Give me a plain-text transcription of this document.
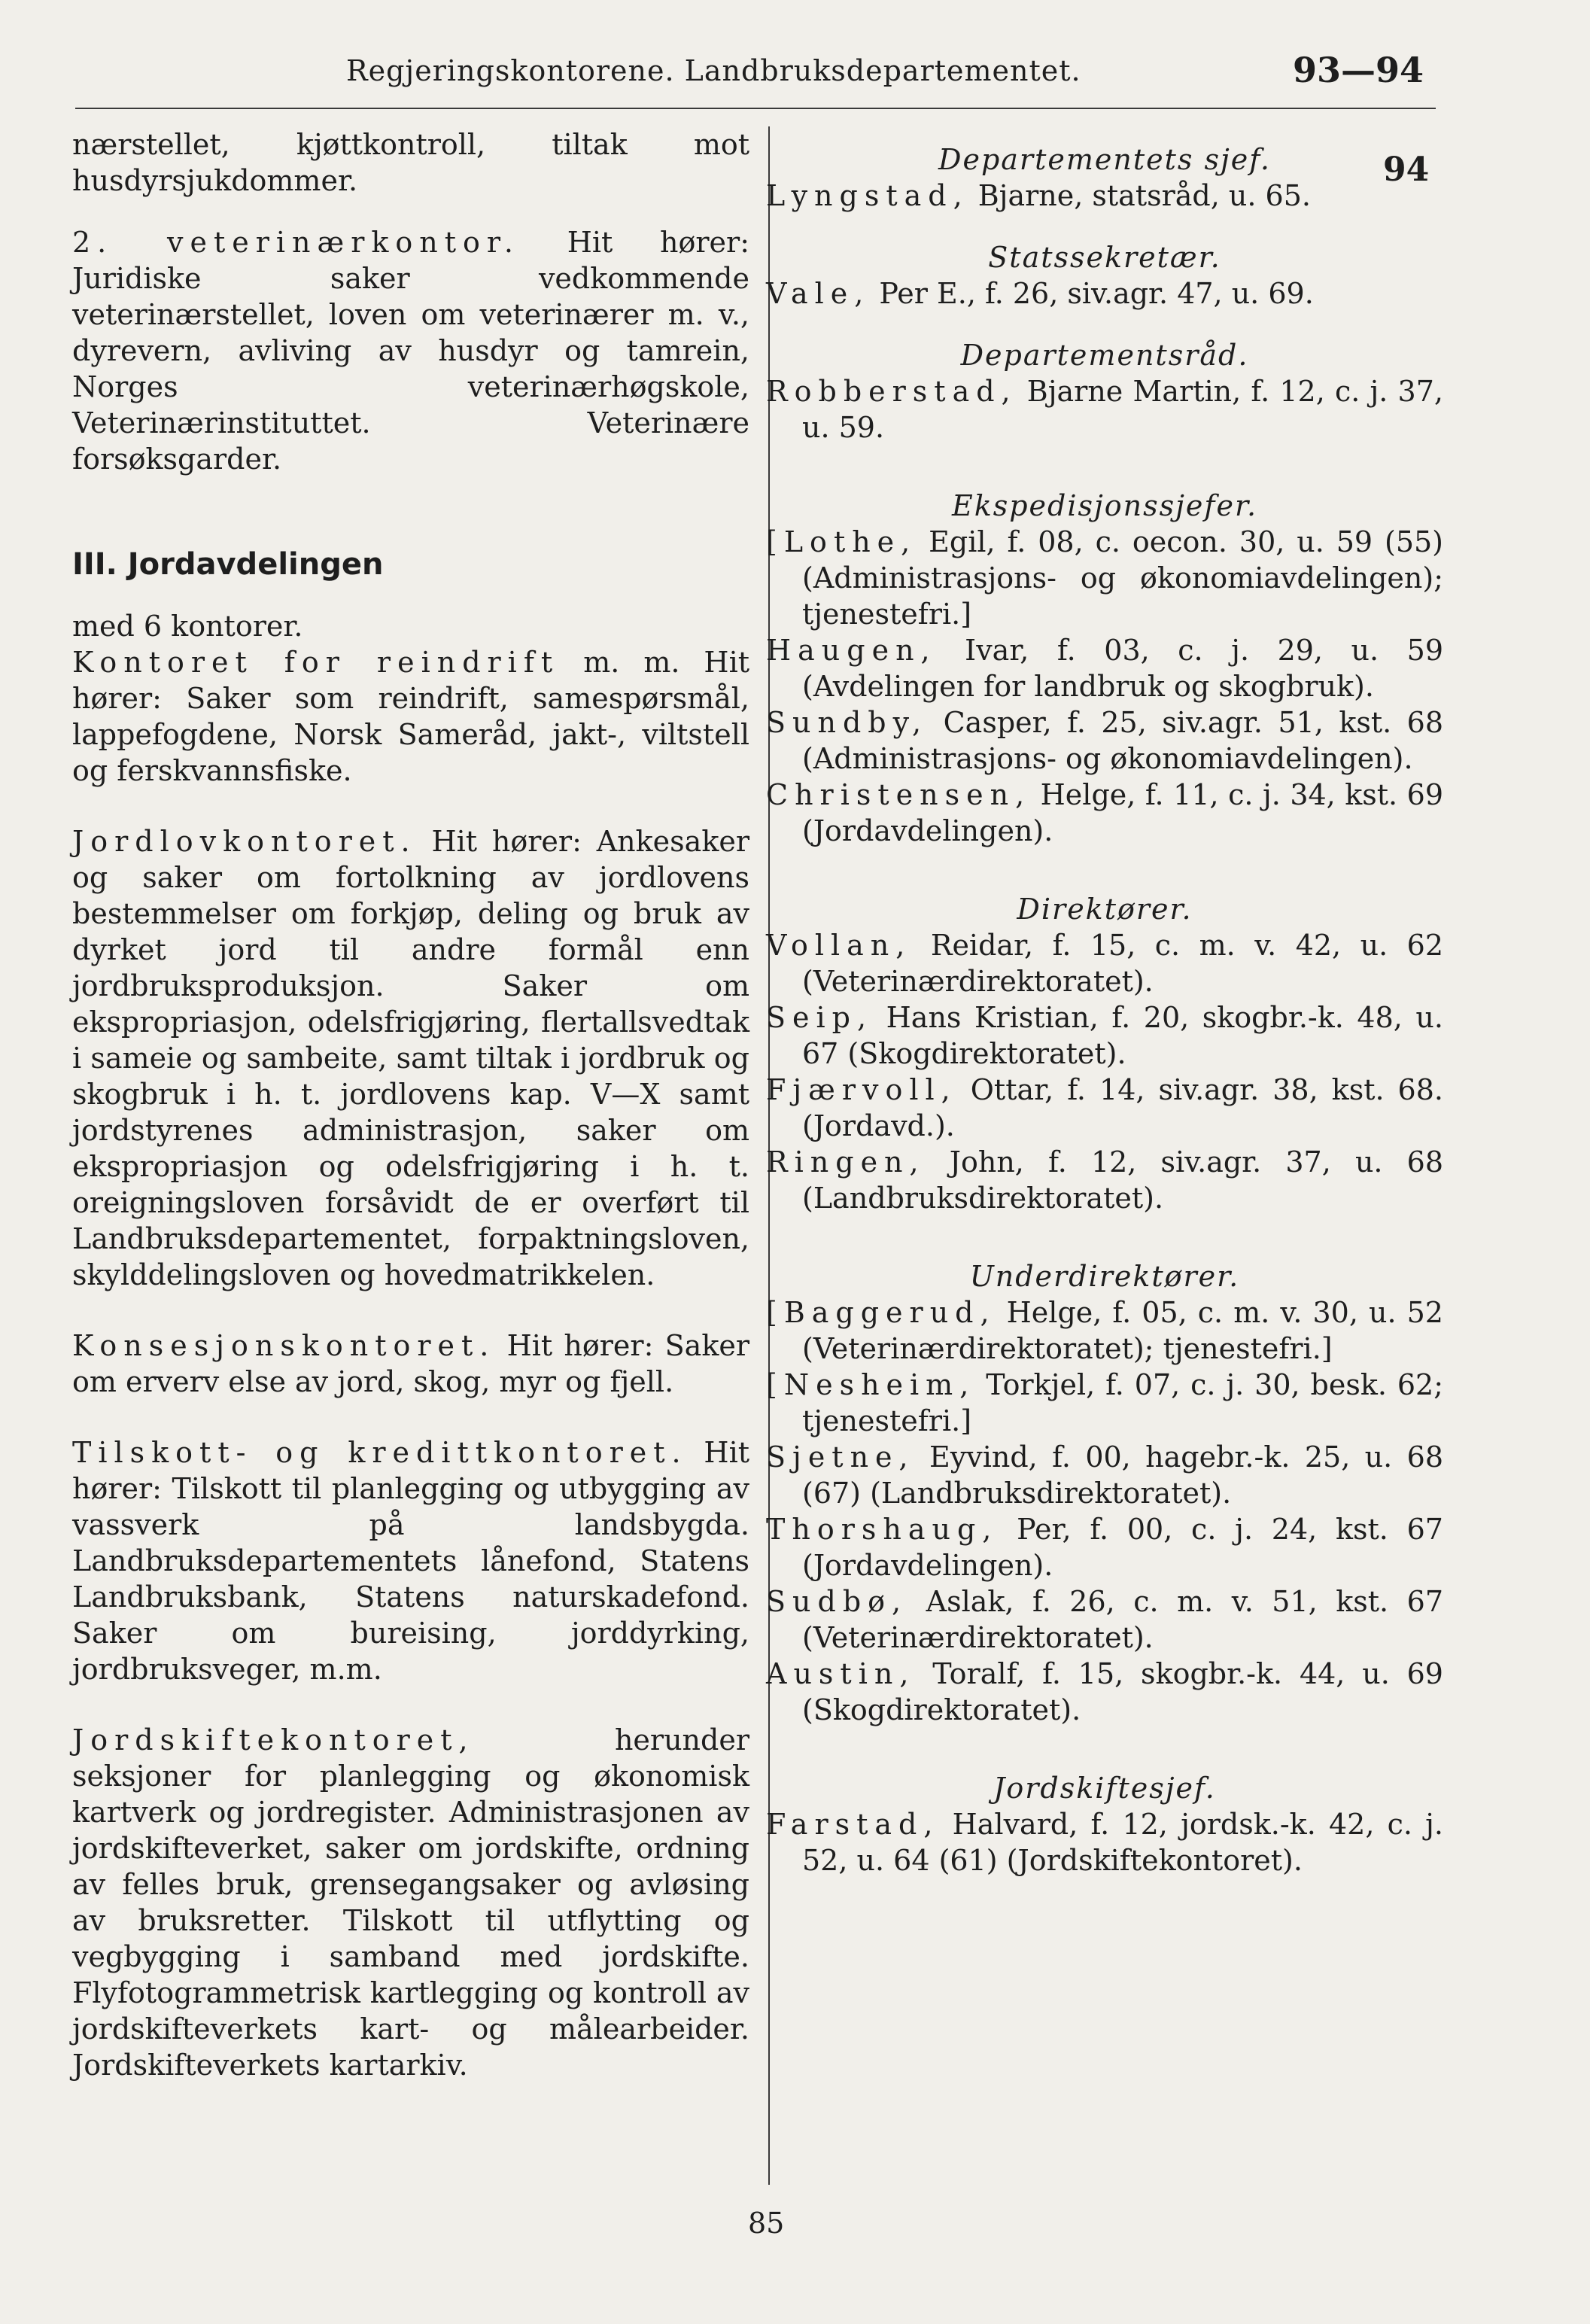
Regjeringskontorene. Landbruksdepartementet.	93—94
94

nærstellet, kjøttkontroll, tiltak mot husdyrsjukdommer.

2. veterinærkontor. Hit hører: Juridiske saker vedkommende veterinærstellet, loven om veterinærer m. v., dyrevern, avliving av husdyr og tamrein, Norges veterinærhøgskole, Veterinærinstituttet. Veterinære forsøksgarder.

III. Jordavdelingen

med 6 kontorer.

Kontoret for reindrift m. m. Hit hører: Saker som reindrift, samespørsmål, lappefogdene, Norsk Sameråd, jakt-, viltstell og ferskvannsfiske.

Jordlovkontoret. Hit hører: Ankesaker og saker om fortolkning av jordlovens bestemmelser om forkjøp, deling og bruk av dyrket jord til andre formål enn jordbruksproduksjon. Saker om ekspropriasjon, odelsfrigjøring, flertallsvedtak i sameie og sambeite, samt tiltak i jordbruk og skogbruk i h. t. jordlovens kap. V—X samt jordstyrenes administrasjon, saker om ekspropriasjon og odelsfrigjøring i h. t. oreigningsloven forsåvidt de er overført til Landbruksdepartementet, forpaktningsloven, skylddelingsloven og hovedmatrikkelen.

Konsesjonskontoret. Hit hører: Saker om erverv else av jord, skog, myr og fjell.

Tilskott- og kredittkontoret. Hit hører: Tilskott til planlegging og utbygging av vassverk på landsbygda. Landbruksdepartementets lånefond, Statens Landbruksbank, Statens naturskadefond. Saker om bureising, jorddyrking, jordbruksveger, m.m.

Jordskiftekontoret, herunder seksjoner for planlegging og økonomisk kartverk og jordregister. Administrasjonen av jordskifteverket, saker om jordskifte, ordning av felles bruk, grensegangsaker og avløsing av bruksretter. Tilskott til utflytting og vegbygging i samband med jordskifte. Flyfotogrammetrisk kartlegging og kontroll av jordskifteverkets kart- og målearbeider. Jordskifteverkets kartarkiv.

Departementets sjef.

Lyngstad, Bjarne, statsråd, u. 65.

Statssekretær.

Vale, Per E., f. 26, siv.agr. 47, u. 69.

Departementsråd.

Robberstad, Bjarne Martin, f. 12, c. j. 37, u. 59.

Ekspedisjonssjefer.

[Lothe, Egil, f. 08, c. oecon. 30, u. 59 (55) (Administrasjons- og økonomiavdelingen); tjenestefri.]

Haugen, Ivar, f. 03, c. j. 29, u. 59 (Avdelingen for landbruk og skogbruk).

Sundby, Casper, f. 25, siv.agr. 51, kst. 68 (Administrasjons- og økonomiavdelingen).

Christensen, Helge, f. 11, c. j. 34, kst. 69 (Jordavdelingen).

Direktører.

Vollan, Reidar, f. 15, c. m. v. 42, u. 62 (Veterinærdirektoratet).

Seip, Hans Kristian, f. 20, skogbr.-k. 48, u. 67 (Skogdirektoratet).

Fjærvoll, Ottar, f. 14, siv.agr. 38, kst. 68. (Jordavd.).

Ringen, John, f. 12, siv.agr. 37, u. 68 (Landbruksdirektoratet).

Underdirektører.

[Baggerud, Helge, f. 05, c. m. v. 30, u. 52 (Veterinærdirektoratet); tjenestefri.]

[Nesheim, Torkjel, f. 07, c. j. 30, besk. 62; tjenestefri.]

Sjetne, Eyvind, f. 00, hagebr.-k. 25, u. 68 (67) (Landbruksdirektoratet).

Thorshaug, Per, f. 00, c. j. 24, kst. 67 (Jordavdelingen).

Sudbø, Aslak, f. 26, c. m. v. 51, kst. 67 (Veterinærdirektoratet).

Austin, Toralf, f. 15, skogbr.-k. 44, u. 69 (Skogdirektoratet).

Jordskiftesjef.

Farstad, Halvard, f. 12, jordsk.-k. 42, c. j. 52, u. 64 (61) (Jordskiftekontoret).

85
